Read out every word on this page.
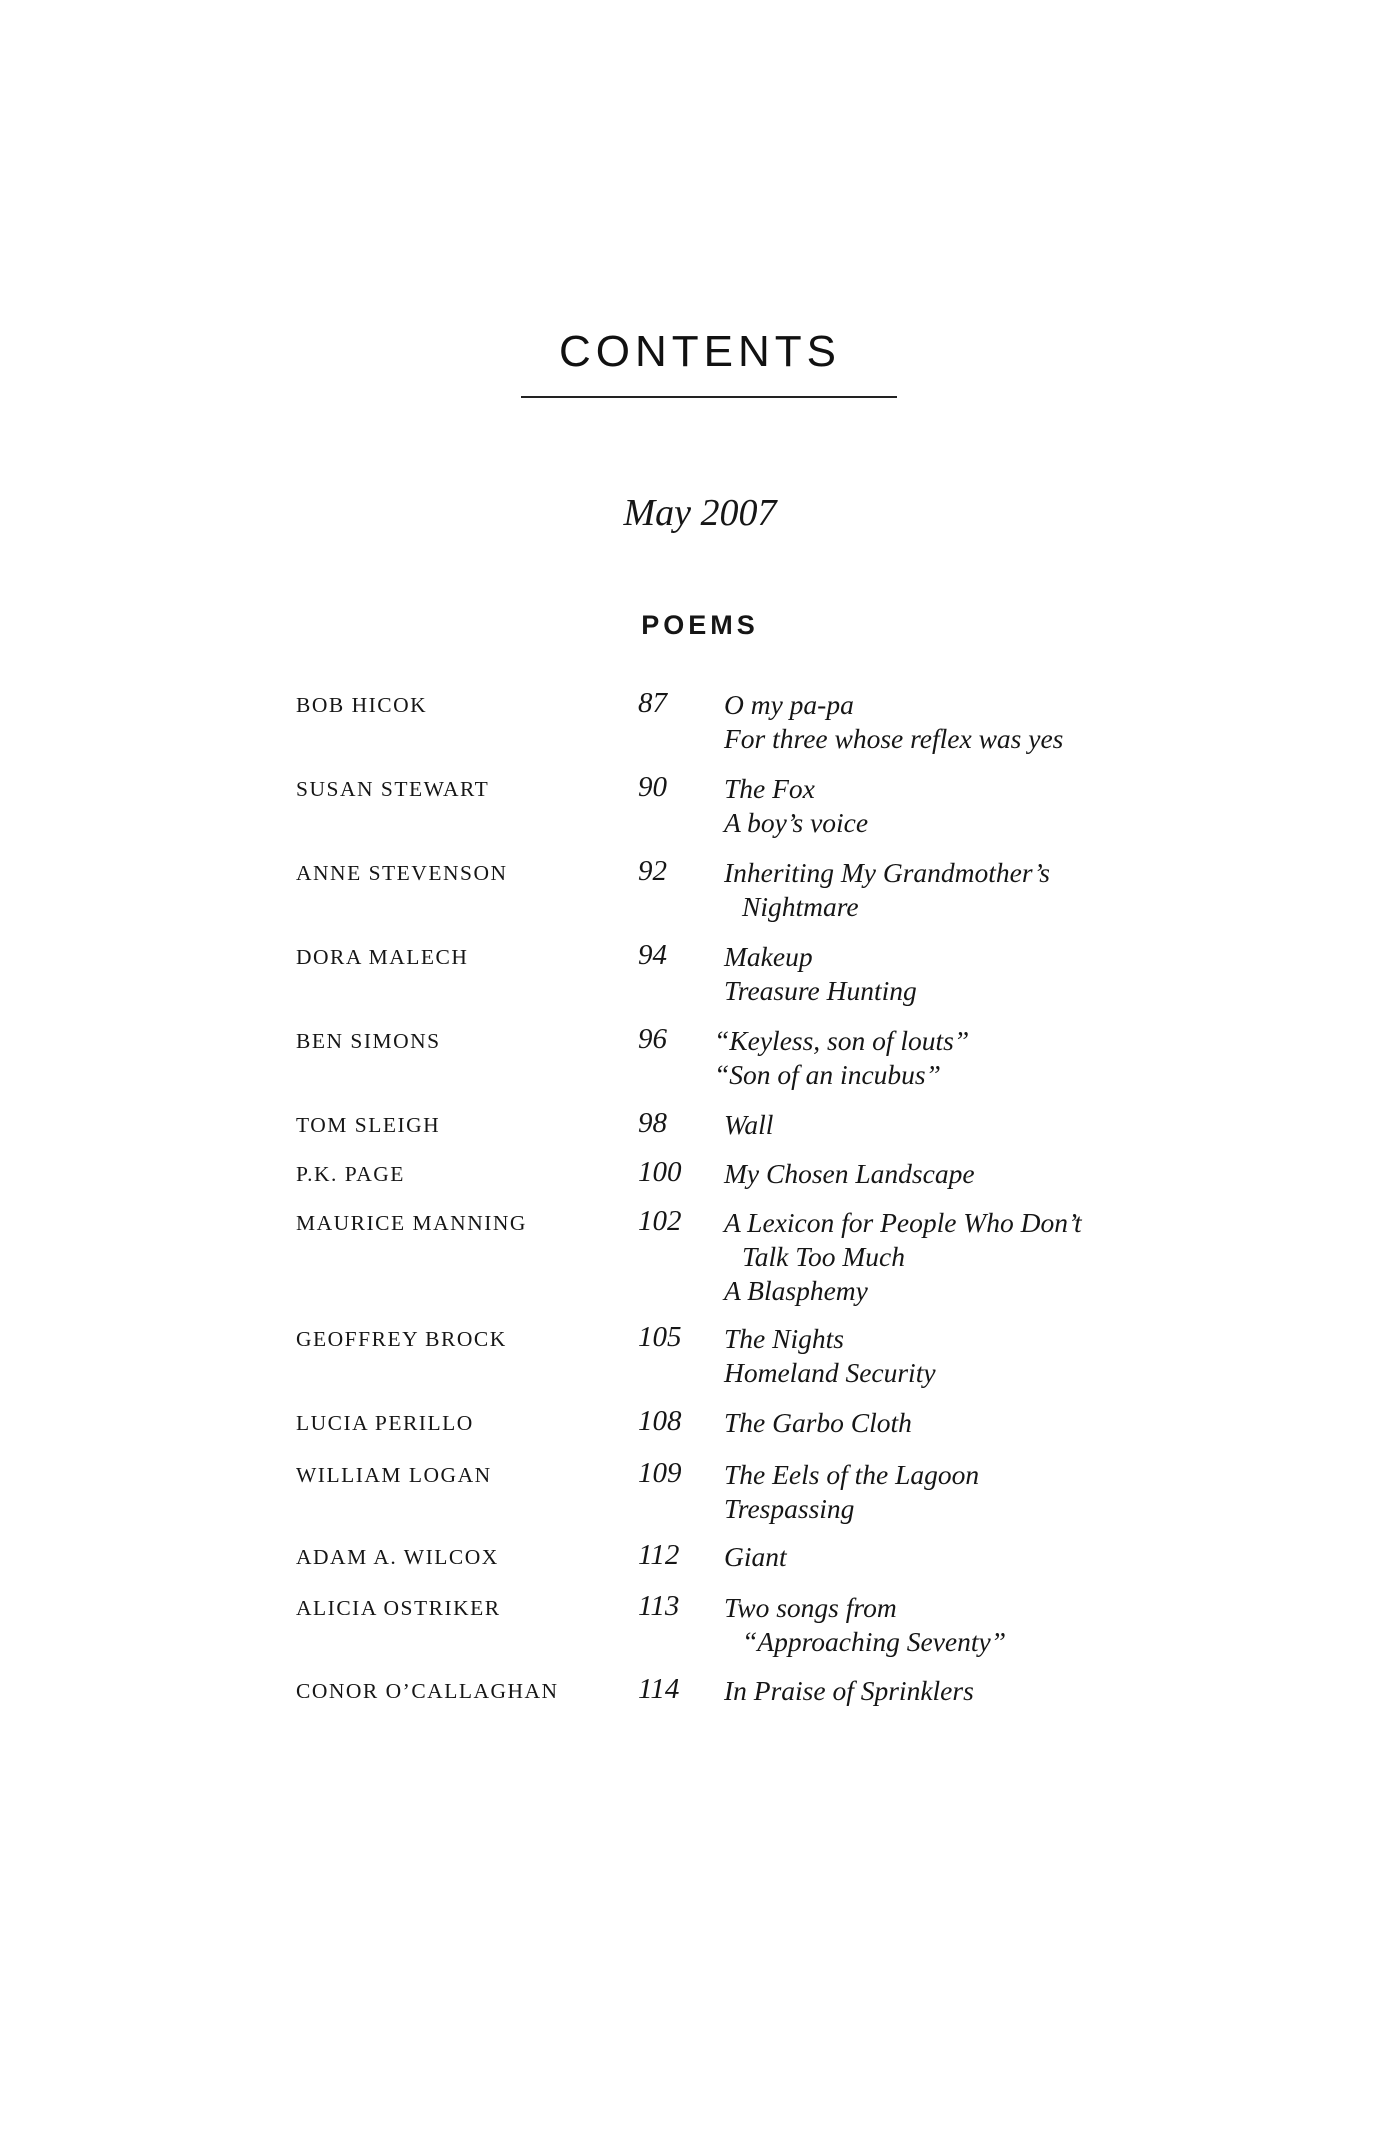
CONTENTS
May 2007
POEMS
BOB HICOK	87 O my pa-pa
For three whose reflex was yes
SUSAN STEWART	90 The Fox
A boy’s voice
ANNE STEVENSON	92 Inheriting My Grandmother’s
Nightmare
DORA MALECH	94 Makeup
Treasure Hunting
BEN SIMONS	96 “Keyless, son of louts”
“Son of an incubus”
TOM SLEIGH	98 Wall
P.K. PAGE	100 My Chosen Landscape
MAURICE MANNING	102 A Lexicon for People Who Don’t
Talk Too Much
A Blasphemy
GEOFFREY BROCK	105 The Nights
Homeland Security
LUCIA PERILLO	108 The Garbo Cloth
WILLIAM LOGAN	109 The Eels of the Lagoon
Trespassing
ADAM A. WILCOX	112 Giant
ALICIA OSTRIKER	113 Two songs from
“Approaching Seventy”
CONOR O’CALLAGHAN	114 In Praise of Sprinklers
